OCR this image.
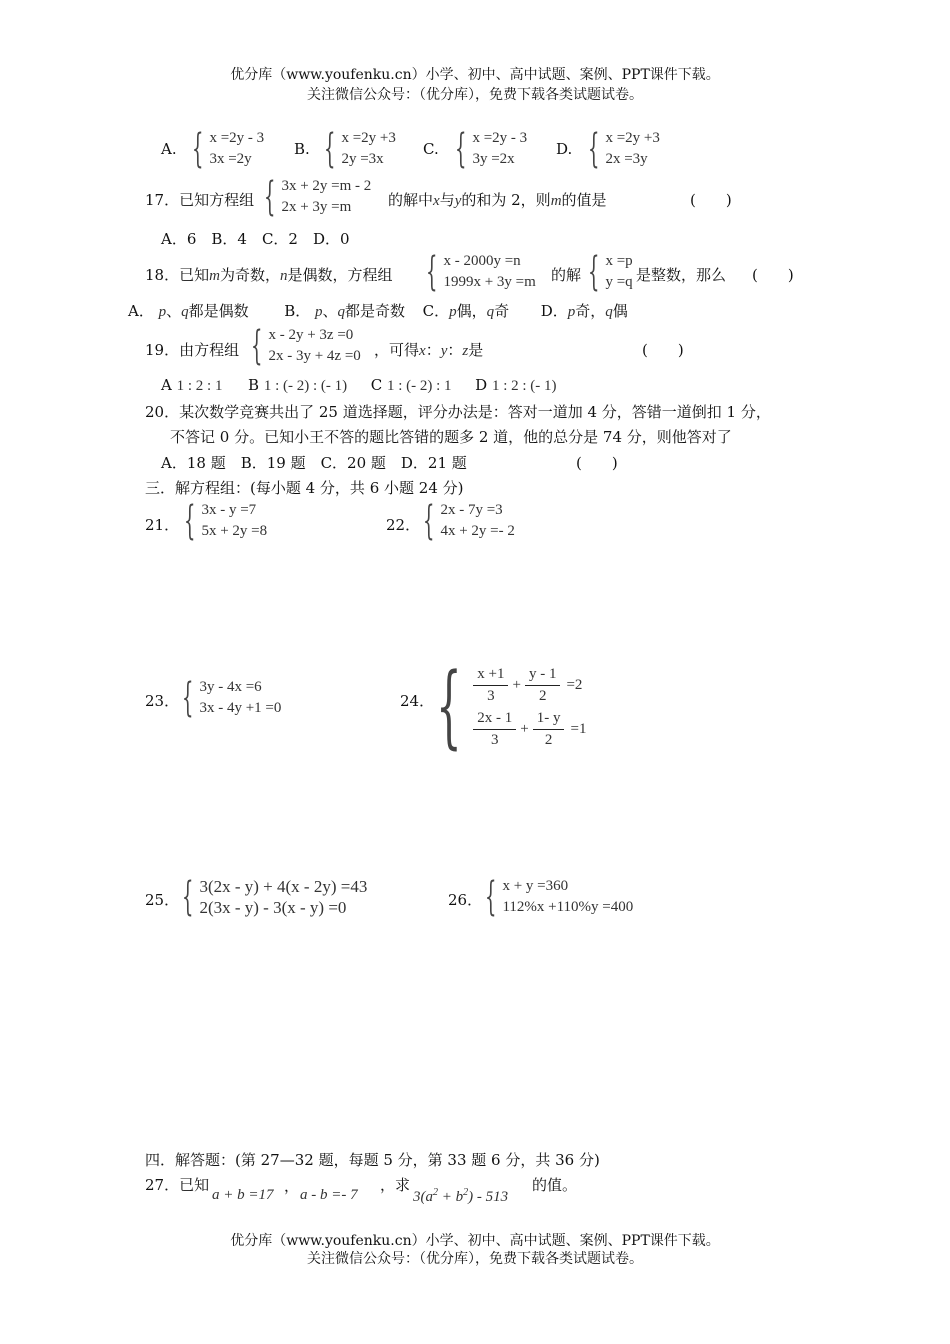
优分库（www.youfenku.cn）小学、初中、高中试题、案例、PPT课件下载。
关注微信公众号：（优分库），免费下载各类试题试卷。
A. { x =2y - 3
3x =2y
B. { x =2y +3
2y =3x
C. { x =2y - 3
3y =2x
D. { x =2y +3
2x =3y
17．已知方程组 { 3x + 2y =m - 2
2x + 3y =m	的解中x与y的和为 2，则m的值是	(　　)
A．6　B．4　C．2　D．0
18．已知m为奇数，n是偶数，方程组 { x - 2000y =n
1999x + 3y =m 的解 { x =p
y =q 是整数，那么 (　　)
A． p、q都是偶数 B． p、q都是奇数 C．p偶，q奇 D．p奇，q偶
19．由方程组 { x - 2y + 3z =0
2x - 3y + 4z =0 ，可得x：y：z是	(　　)
A 1 : 2 : 1 B 1 : (- 2) : (- 1) C 1 : (- 2) : 1 D 1 : 2 : (- 1)
20．某次数学竞赛共出了 25 道选择题，评分办法是：答对一道加 4 分，答错一道倒扣 1 分，
不答记 0 分。已知小王不答的题比答错的题多 2 道，他的总分是 74 分，则他答对了
A．18 题　B．19 题　C．20 题　D．21 题	(　　)
三．解方程组：(每小题 4 分，共 6 小题 24 分)
21． { 3x - y =7
5x + 2y =8	22． { 2x - 7y =3
4x + 2y =- 2
23． { 3y - 4x =6
3x - 4y +1 =0	24． { $\frac{x +1}{3} + \frac{y - 1}{2} =2$
$\frac{2x - 1}{3} + \frac{1- y}{2} =1$
25． { 3(2x - y) + 4(x - 2y) =43
2(3x - y) - 3(x - y) =0	26． { x + y =360
112%x +110%y =400
四．解答题：(第 27—32 题，每题 5 分，第 33 题 6 分，共 36 分)
27．已知
a + b =17 ， a - b =- 7
，求
$3(a^2 + b^2) - 513$
的值。
优分库（www.youfenku.cn）小学、初中、高中试题、案例、PPT课件下载。
关注微信公众号：（优分库），免费下载各类试题试卷。
